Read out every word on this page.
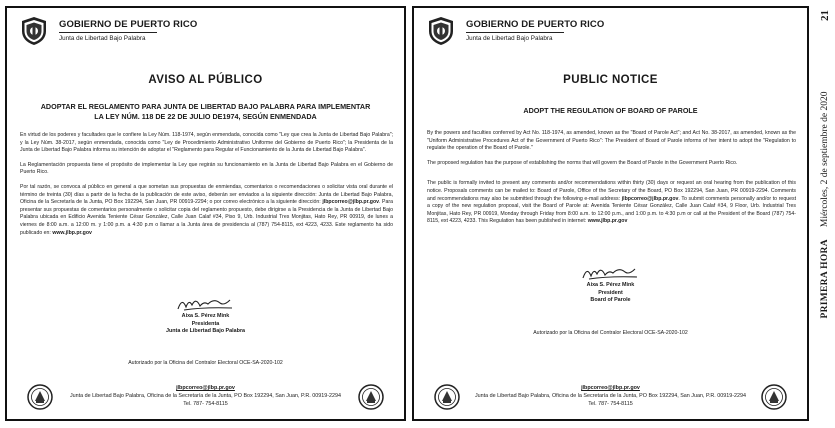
GOBIERNO DE PUERTO RICO
Junta de Libertad Bajo Palabra
AVISO AL PÚBLICO
ADOPTAR EL REGLAMENTO PARA JUNTA DE LIBERTAD BAJO PALABRA PARA IMPLEMENTAR
LA LEY NÚM. 118 DE 22 DE JULIO DE1974, SEGÚN ENMENDADA

En virtud de los poderes y facultades que le confiere la Ley Núm. 118-1974, según enmendada, conocida como "Ley que crea la Junta de Libertad Bajo Palabra"; y la Ley Núm. 38-2017, según enmendada, conocida como "Ley de Procedimiento Administrativo Uniforme del Gobierno de Puerto Rico"; la Presidenta de la Junta de Libertad Bajo Palabra informa su intención de adoptar el "Reglamento para Regular el Funcionamiento de la Junta de Libertad Bajo Palabra".

La Reglamentación propuesta tiene el propósito de implementar la Ley que regirán su funcionamiento en la Junta de Libertad Bajo Palabra en el Gobierno de Puerto Rico.

Por tal razón, se convoca al público en general a que sometan sus propuestas de enmiendas, comentarios o recomendaciones o solicitar vista oral durante el término de treinta (30) días a partir de la fecha de la publicación de este aviso, deberán ser enviados a la siguiente dirección: Junta de Libertad Bajo Palabra, Oficina de la Secretaría de la Junta, PO Box 192294, San Juan, PR 00919-2294; o por correo electrónico a la siguiente dirección: jlbpcorreo@jlbp.pr.gov. Para presentar sus propuestas de comentarios personalmente o solicitar copia del reglamento propuesto, debe dirigirse a la Presidencia de la Junta de Libertad Bajo Palabra ubicada en Edificio Avenida Teniente César González, Calle Juan Calaf #34, Piso 9, Urb. Industrial Tres Monjitas, Hato Rey, PR 00919, de lunes a viernes de 8:00 a.m. a 12:00 m. y 1:00 p.m. a 4:30 p.m o llamar a la Junta área de presidencia al (787) 754-8115, ext 4223, 4233. Este reglamento ha sido publicado en: www.jlbp.pr.gov

Aixa S. Pérez Mink
Presidenta
Junta de Libertad Bajo Palabra
Autorizado por la Oficina del Contralor Electoral OCE-SA-2020-102
jlbpcorreo@jlbp.pr.gov
Junta de Libertad Bajo Palabra, Oficina de la Secretaría de la Junta, PO Box 192294, San Juan, P.R. 00919-2294
Tel. 787- 754-8115
GOBIERNO DE PUERTO RICO
Junta de Libertad Bajo Palabra
PUBLIC NOTICE
ADOPT THE REGULATION OF BOARD OF PAROLE

By the powers and faculties conferred by Act No. 118-1974, as amended, known as the "Board of Parole Act"; and Act No. 38-2017, as amended, known as the "Uniform Administrative Procedures Act of the Government of Puerto Rico": The President of Board of Parole informs of her intent to adopt the "Regulation to regulate the operation of the Board of Parole."

The proposed regulation has the purpose of establishing the norms that will govern the Board of Parole in the Government Puerto Rico.

The public is formally invited to present any comments and/or recommendations within thirty (30) days or request an oral hearing from the publication of this notice. Proposals comments can be mailed to: Board of Parole, Office of the Secretary of the Board, PO Box 192294, San Juan, PR 00919-2294. Comments and recommendations may also be submitted through the following e-mail address: jlbpcorreo@jlbp.pr.gov. To submit comments personally and/or to request a copy of the new regulation proposal, visit the Board of Parole at: Avenida Teniente César González, Calle Juan Calaf #34, 9 Floor, Urb. Industrial Tres Monjitas, Hato Rey, PR 00919, Monday through Friday from 8:00 a.m. to 12:00 p.m., and 1:00 p.m. to 4:30 p.m or call at the President of the Board (787) 754-8115, ext 4223, 4233. This Regulation has been published in internet: www.jlbp.pr.gov

Aixa S. Pérez Mink
President
Board of Parole
Autorizado por la Oficina del Contralor Electoral OCE-SA-2020-102
jlbpcorreo@jlbp.pr.gov
Junta de Libertad Bajo Palabra, Oficina de la Secretaría de la Junta, PO Box 192294, San Juan, P.R. 00919-2294
Tel. 787- 754-8115
21
PRIMERA HORA Miércoles, 2 de septiembre de 2020
